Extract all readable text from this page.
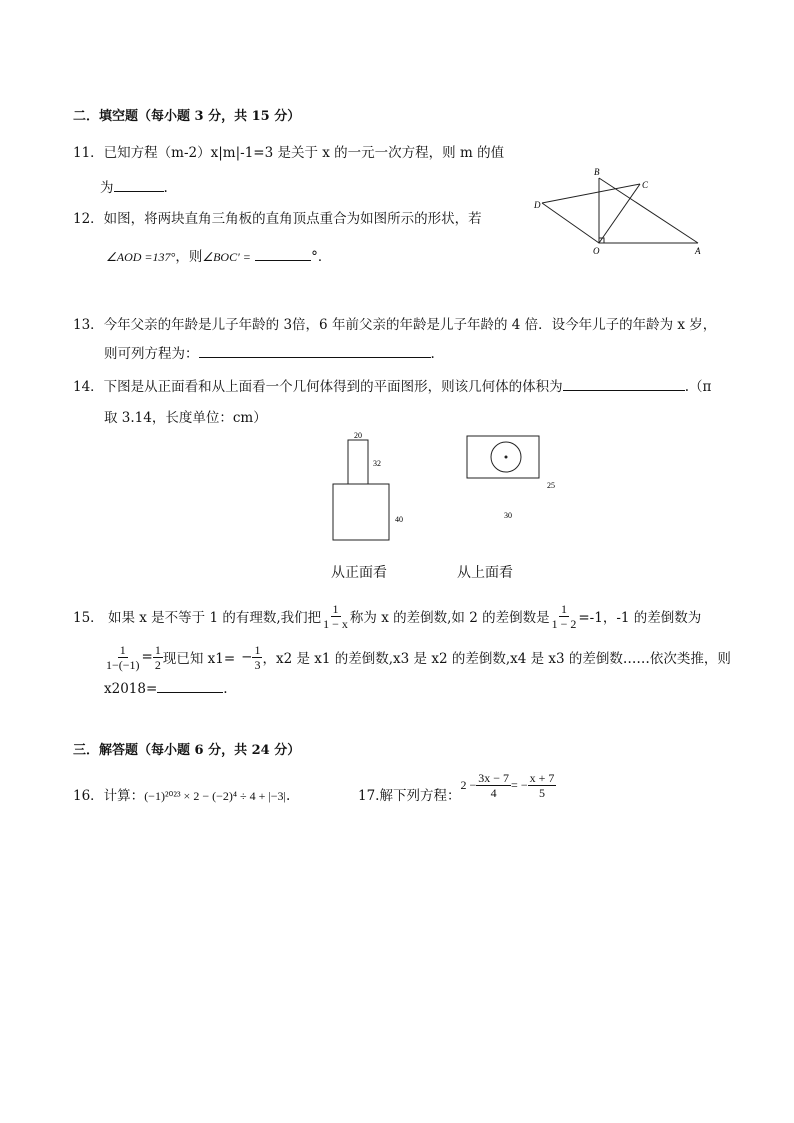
二．填空题（每小题 3 分，共 15 分）
11．已知方程（m-2）x|m|-1=3 是关于 x 的一元一次方程，则 m 的值
为	.
12．如图，将两块直角三角板的直角顶点重合为如图所示的形状，若
∠AOD =137°，则∠BOC′ =	°．
D
B
C
O	A
13．今年父亲的年龄是儿子年龄的 3倍，6 年前父亲的年龄是儿子年龄的 4 倍．设今年儿子的年龄为 x 岁，
则可列方程为：	.
14．下图是从正面看和从上面看一个几何体得到的平面图形，则该几何体的体积为	.（π
取 3.14，长度单位：cm）
20
32
40
25
30
从正面看	从上面看
15． 如果 x 是不等于 1 的有理数,我们把 $\frac{1}{1 - x}$ 称为 x 的差倒数,如 2 的差倒数是 $\frac{1}{1 - 2} =-1$，-1 的差倒数为
$\frac{1}{1-(-1)} = \frac{1}{2}$ 现已知 $x1= - \frac{1}{3}$ ，x2 是 x1 的差倒数,x3 是 x2 的差倒数,x4 是 x3 的差倒数……依次类推，则
x2018=	.
三．解答题（每小题 6 分，共 24 分）
16．计算：(−1)²⁰²³ × 2 − (−2)⁴ ÷ 4 + |−3|.	17.解下列方程：
$2 - \frac{3x - 7}{4}$ = − $\frac{x + 7}{5}$
